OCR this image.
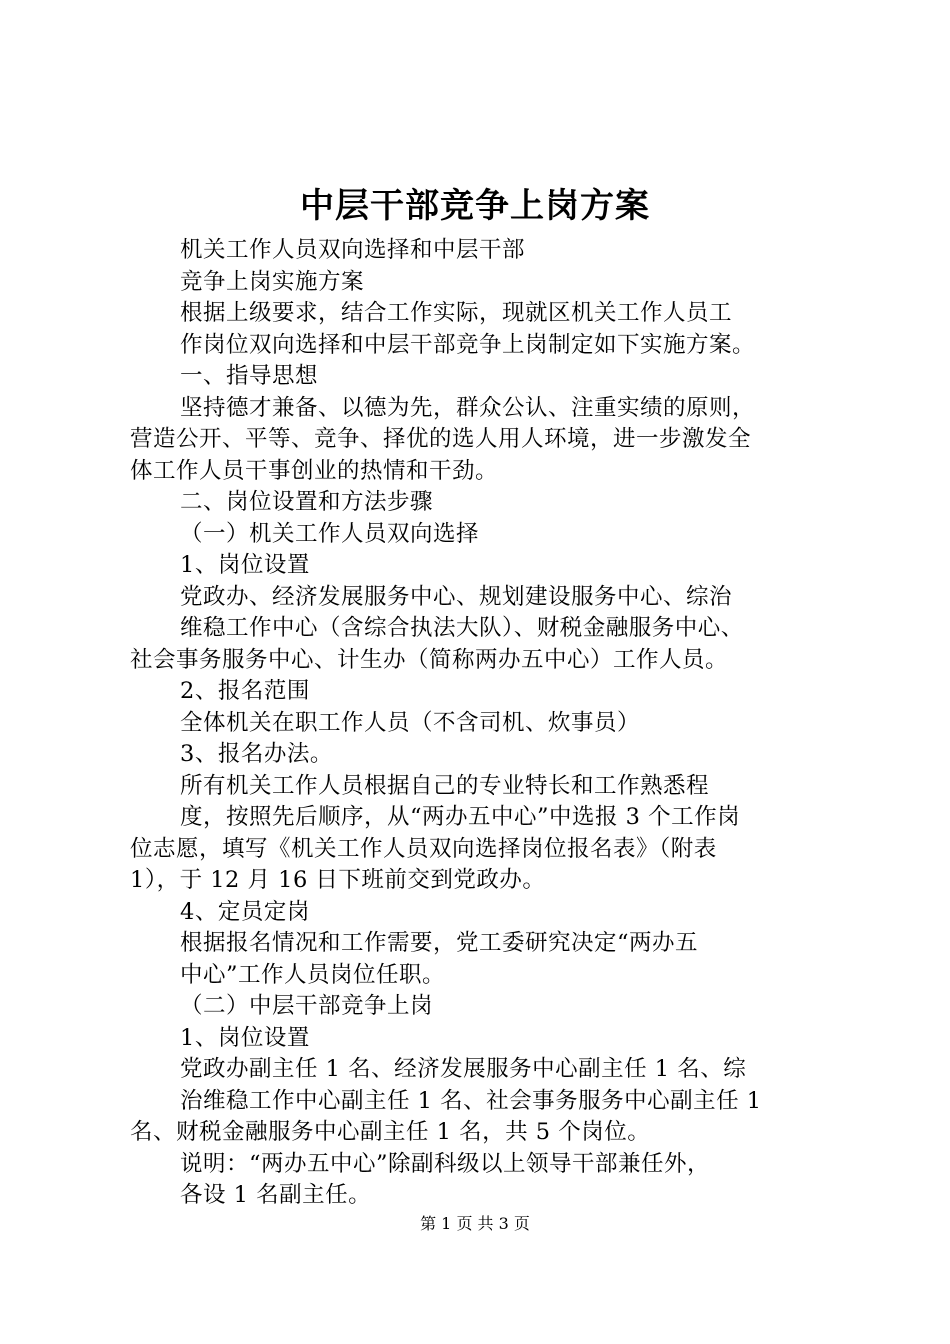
中层干部竞争上岗方案
机关工作人员双向选择和中层干部
竞争上岗实施方案
根据上级要求，结合工作实际，现就区机关工作人员工
作岗位双向选择和中层干部竞争上岗制定如下实施方案。
一、指导思想
坚持德才兼备、以德为先，群众公认、注重实绩的原则，
营造公开、平等、竞争、择优的选人用人环境，进一步激发全
体工作人员干事创业的热情和干劲。
二、岗位设置和方法步骤
（一）机关工作人员双向选择
1、岗位设置
党政办、经济发展服务中心、规划建设服务中心、综治
维稳工作中心（含综合执法大队）、财税金融服务中心、
社会事务服务中心、计生办（简称两办五中心）工作人员。
2、报名范围
全体机关在职工作人员（不含司机、炊事员）
3、报名办法。
所有机关工作人员根据自己的专业特长和工作熟悉程
度，按照先后顺序，从“两办五中心”中选报 3 个工作岗
位志愿，填写《机关工作人员双向选择岗位报名表》（附表
1），于 12 月 16 日下班前交到党政办。
4、定员定岗
根据报名情况和工作需要，党工委研究决定“两办五
中心”工作人员岗位任职。
（二）中层干部竞争上岗
1、岗位设置
党政办副主任 1 名、经济发展服务中心副主任 1 名、综
治维稳工作中心副主任 1 名、社会事务服务中心副主任 1
名、财税金融服务中心副主任 1 名，共 5 个岗位。
说明：“两办五中心”除副科级以上领导干部兼任外，
各设 1 名副主任。
第 1 页 共 3 页
